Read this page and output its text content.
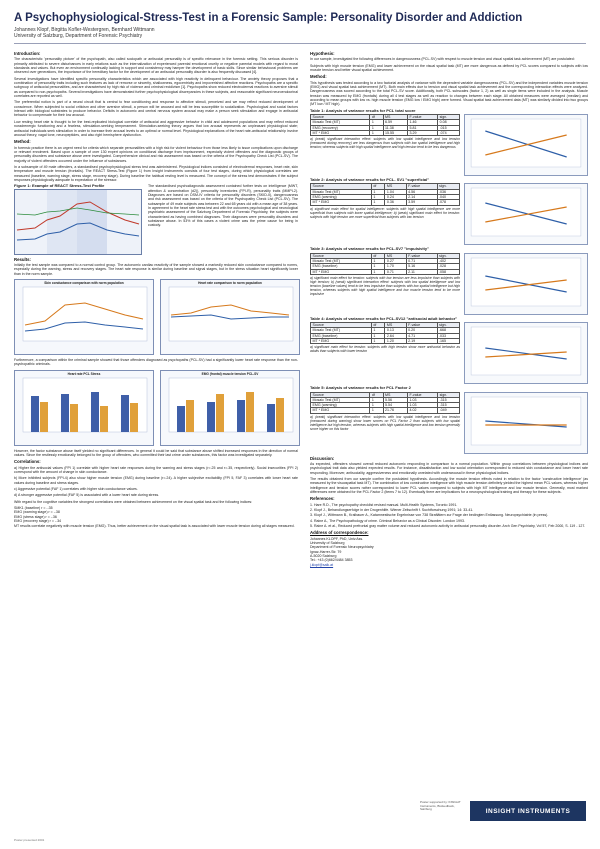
A Psychophysiological-Stress-Test in a Forensic Sample: Personality Disorder and Addiction
Johannes Klopf, Birgitta Kofler-Westergren, Bernhard Wittmann
University of Salzburg, Department of Forensic Psychiatry
Introduction:
The characteristic 'personality picture' of the psychopath, also called sociopath or antisocial personality is of specific relevance in the forensic setting. This serious disorder is primarily attributed to severe disturbances in early relations such as the internalization of experienced parental emotional cruelty or negative parental models with regard to moral standards and values. But even an environment continually lacking in support and consistency may hamper the development of basic skills. Since similar behavioural problems are observed over generations, the importance of the hereditary factor for the development of an antisocial personality disorder is also frequently discussed [4].
Several investigations have identified specific personality characteristics which are associated with high reactivity in delinquent behaviour. The anxiety theory proposes that a combination of personality traits including such features as lack of remorse or sincerity, shallowness, egocentricity and impoverished affective reactions. Psychopaths are a specific subgroup of antisocial personalities, and are characterised by high risk of violence and criminal recidivism [1]. Psychopaths show reduced electrodermal reactions to aversive stimuli as compared to non-psychopaths. Several investigations have demonstrated further psychophysiological discrepancies in these subjects, and reasonable significant neuroendocrinal correlates are reported as well.
The preferential notion is part of a neural circuit that is central to fear conditioning and response to affective stimuli, perceived and we may reflect reduced development of conscience. When subjected to social criticism and other aversive stimuli, a person will be aroused and will be less susceptible to socialization. Psychological and social factors interact with biological substrates to produce behavior. Deficits in autonomic and central nervous system arousal may make a person seek stimulation and engage in antisocial behavior to compensate for their low arousal.
Low resting heart rate is thought to be the best-replicated biological correlate of antisocial and aggressive behavior in child and adolescent populations and may reflect reduced noradrenergic functioning and a fearless, stimulation-seeking temperament. Stimulation-seeking theory argues that low arousal represents an unpleasant physiological state; antisocial individuals seek stimulation in order to increase their arousal levels to an optimal or normal level. Physiological explanations of the heart rate-antisocial relationship involve arousal theory, vagal tone, neuropeptides, and also right hemisphere dysfunction.
Method:
In forensic practice there is an urgent need for criteria which separate personalities with a high risk for violent behaviour from those less likely to issue complications upon discharge or relevant enrolment. Based upon a sample of over 130 expert opinions on conditional discharge from imprisonment, especially violent offenders and the diagnostic groups of personality disorders and substance abuse were investigated. Comprehensive clinical and risk assessment was based on the criteria of the Psychopathy Check List (PCL-SV). The majority of violent offenders occurred under the influence of substances.
In a subsample of 49 male offenders, a standardised psychophysiological stress test was administered. Physiological indices consisted of electrodermal responses, heart rate, skin temperature and muscle tension (frontalis). The REACT Stress-Test (Figure 1) from Insight Instruments consists of four test stages, during which physiological correlates are measured (baseline, warning stage, stress stage, recovery stage). During baseline the habitual resting level is measured. The concept of the stress test demonstrates if the subject responses physiologically adequate to expectation of the stressor.
Figure 1: Example of REACT Stress-Test Profile	The standardised psychodiagnostic assessment contained further tests on intelligence (MWT, attention & concentration (d2)), personality inventories (FPI-R), personality traits (MMPI-2). Diagnoses are based on DSM-IV criteria for personality disorders (SKID-II), dangerousness and risk assessment was based on the criteria of the Psychopathy Check List (PCL-SV). The subsample of 49 male subjects was between 22 and 65 years old with a mean age of 38 years. In agreement to the heart rate stress test and with the outcomes psychological and neurological psychiatric assessment of the Salzburg Department of Forensic Psychiatry, the subjects were characterized as having combined diagnoses. Their diagnoses were personality disorders and substance abuse. In 53% of this cases a violent crime was the prime cause for being in custody.
Results:
Initially the test sample was compared to a normal control group. The autonomic cardiac reactivity of the sample showed a markedly reduced skin conductance compared to norms, especially during the warning, stress and recovery stages. The heart rate response is similar during baseline and signal stages, but in the stress situation heart significantly lower than in the norm sample.
Skin conductance comparison with norm population	Heart rate comparison to norm population
Furthermore, a comparison within the criminal sample showed that those offenders diagnosed as psychopaths (PCL-SV) had a significantly lower heart rate response than the non-psychopathic criminals.
Heart rate PCL Stress	EMG (frontal) muscle tension PCL-SV
However, the factor substance abuse itself yielded no significant differences. In general it could be said that substance abuse shifted increased responses in the direction of normal values. Since the restlessly emotionally belonged to the group of offenders, who committed their last crime under substances, this factor was investigated separately.
Correlations:
a) Higher the antisocial values (FPI 1) correlate with higher heart rate responses during the warning and stress stages (r=.25 and r=.35, respectively). Social insecurities (FPI 2) correspond with the amount of change in skin conductance.
b) More inhibited subjects (FPI-4) also show higher muscle tension (EMG) during baseline (r=.24). A higher subjective excitability (FPI 5, FAF 3) correlates with lower heart rate values during baseline and stress stages.
c) Aggressive potential (FAF 1) correlates with higher skin conductance values.
d) A stronger aggressive potential (FAF 5) is associated with a lower heart rate during stress.
With regard to the cognitive variables the strongest correlations were obtained between achievement on the visual spatial task and the following indices:
SMK1 (baseline) r = -.35
EMG (warning stage) r = -.38
EMG (stress stage) r = -.36
EMG (recovery stage) r = -.34
MT results correlate negatively with muscle tension (EMG). Thus, better achievement on the visual spatial task is associated with lower muscle tension during all stages measured.
Hypothesis:
In our sample, investigated the following differences in dangerousness (PCL-SV) with respect to muscle tension and visual spatial task achievement (MT) are postulated:
Subjects with high muscle tension (EMG) and lower achievement on the visual spatial task (MT) are more dangerous as defined by PCL scores compared to subjects with low muscle tension and better visual spatial achievement.
Method:
This hypothesis was tested according to a two factorial analysis of variance with the dependent variable dangerousness (PCL-SV) and the independent variables muscle tension (EMG) and visual spatial task achievement (MT). Both main effects due to tension and visual spatial task achievement and the corresponding interaction effects were analyzed. Dangerousness was scored according to the total PCL-SV score. Additionally, both PCL subscales (factor 1, 2) as well as single items were included in the analysis. Muscle tension was measured by EMG (frontalis) during all 4 test stages as well as reaction to changes between each stage. All obtained measures were averaged (median) and according to mean groups with low vs. high muscle tension (EMG low / EMG high) were formed. Visual spatial task achievement data (MT) was similarly divided into two groups (MT low / MT high).
Table 1: Analysis of variance results for PCL total score
Source	df	MS	F-value	sign.
Mosaic Test (MT)	1	6.59	1.46	0.08
EMG (recovery)	1	11.38	5.81	.015
MT * EMG	1	15.55	3.29	.074
a) (weak) significant interaction effect: subjects with low spatial intelligence and low tension (measured during recovery) are less dangerous than subjects with low spatial intelligence and high tension; whereas subjects with high spatial intelligence and high tension tend to be less dangerous
Table 2: Analysis of variance results for PCL- SV1 "superficial"
Source	df	MS	F-value	sign.
Mosaic Test (MT)	1	1.04	4.56	.036
EMG (warning)	1	0.24	2.14	.040
MT * EMG	1	0.36	3.59	.078
a) significant main effect for spatial intelligence: subjects with high spatial intelligence are more superficial than subjects with lower spatial intelligence; b) (weak) significant main effect for tension: subjects with high tension are more superficial than subjects with low tension
Table 3: Analysis of variance results for PCL-SV7 "impulsivity"
Source	df	MS	F-value	sign.
Mosaic Test (MT)	1	0.27	0.71	.402
EMG (baseline)	1	1.70	5.16	.028
MT * EMG	1	0.71	2.11	.058
a) significant main effect for tension: subjects with low tension are less impulsive than subjects with high tension; b) (weak) significant interaction effect: subjects with low spatial intelligence and low tension (baseline values) tend to be less impulsive than subjects with low spatial intelligence but high tension, whereas subjects with high spatial intelligence and low muscle tension tend to be more impulsive
Table 4: Analysis of variance results for PCL-SV12 "antisocial adult behavior"
Source	df	MS	F-value	sign.
Mosaic Test (MT)	1	0.13	0.20	.668
EMG (baseline)	1	2.64	4.71	.033
MT * EMG	1	1.20	2.19	.165
a) significant main effect for tension: subjects with high tension show more antisocial behavior as adults than subjects with lower tension
Table 5: Analysis of variance results for PCL Factor 2
Source	df	MS	F-value	sign.
Mosaic Test (MT)	1	5.56	1.03	.315
EMG (warning)	1	5.54	1.03	.315
MT * EMG	1	21.76	4.02	.049
a) (weak) significant interaction effect: subjects with low spatial intelligence and low tension (measured during warning) show lower scores on PCL Factor 2 than subjects with low spatial intelligence but high tension, whereas subjects with high spatial intelligence and low tension generally score higher on this factor
Discussion:
As expected, offenders showed overall reduced autonomic responding in comparison to a normal population. Within group correlations between physiological indices and psychological trait data also yielded expected results. For instance, dissatisfaction and low social orientation corresponded to reduced skin conductance and lower heart rate responding. Moreover, antisociality, aggressiveness and emotionally unrelated with underarousal in these physiological indices.
The results obtained from our sample confirm the postulated hypothesis. Accordingly, the muscle tension effects noted in relation to the factor 'constructive intelligence' (as measured by the visuospatial task MT). The combination of low constructive intelligence with high muscle tension definitely yielded the highest mean PCL values, whereas higher intelligence and tension scores rather corresponded to lower PCL values compared to subjects with high MT intelligence and low muscle tension. Generally, most marked differences were obtained for the PCL Factor 2 (items 7 to 12). Eventually there are implications for a neuropsychological training and therapy for these subjects.
References:
1. Hare R.D., The psychopathy checklist revised manual. Multi-Health Systems, Toronto 1991.
2. Klopf J., Behandlungserfolge in der Drogenhilfe. Wiener Zeitschrift f. Suchtforschung 1991; 14: 33-41.
3. Klopf J., Wittmann B., Kralbauer A., Katamnestische Ergebnisse von 738 Straftätern zur Frage der bedingten Entlassung. Neuropsychiatrie (in press).
4. Raine A., The Psychopathology of crime. Criminal Behavior as a Clinical Disorder. London 1993.
5. Raine A. et al., Reduced prefrontal gray matter volume and reduced autonomic activity in antisocial personality disorder. Arch Gen Psychiatry, Vol 57, Feb 2000, S. 119 - 127.
Address of correspondence:
Johannes KLOPF, PhD, Univ.Ass.
University of Salzburg
Department of Forensic Neuropsychiatry
Ignaz-Harrer-Str. 79
A-5020 Salzburg
Tel.: +43 (0)662/4484 3853
j.klopf@salk.at
Poster supported by: INSIGHT Instruments, Biofeedback, Salzburg	INSIGHT INSTRUMENTS
Poster presented 2001
